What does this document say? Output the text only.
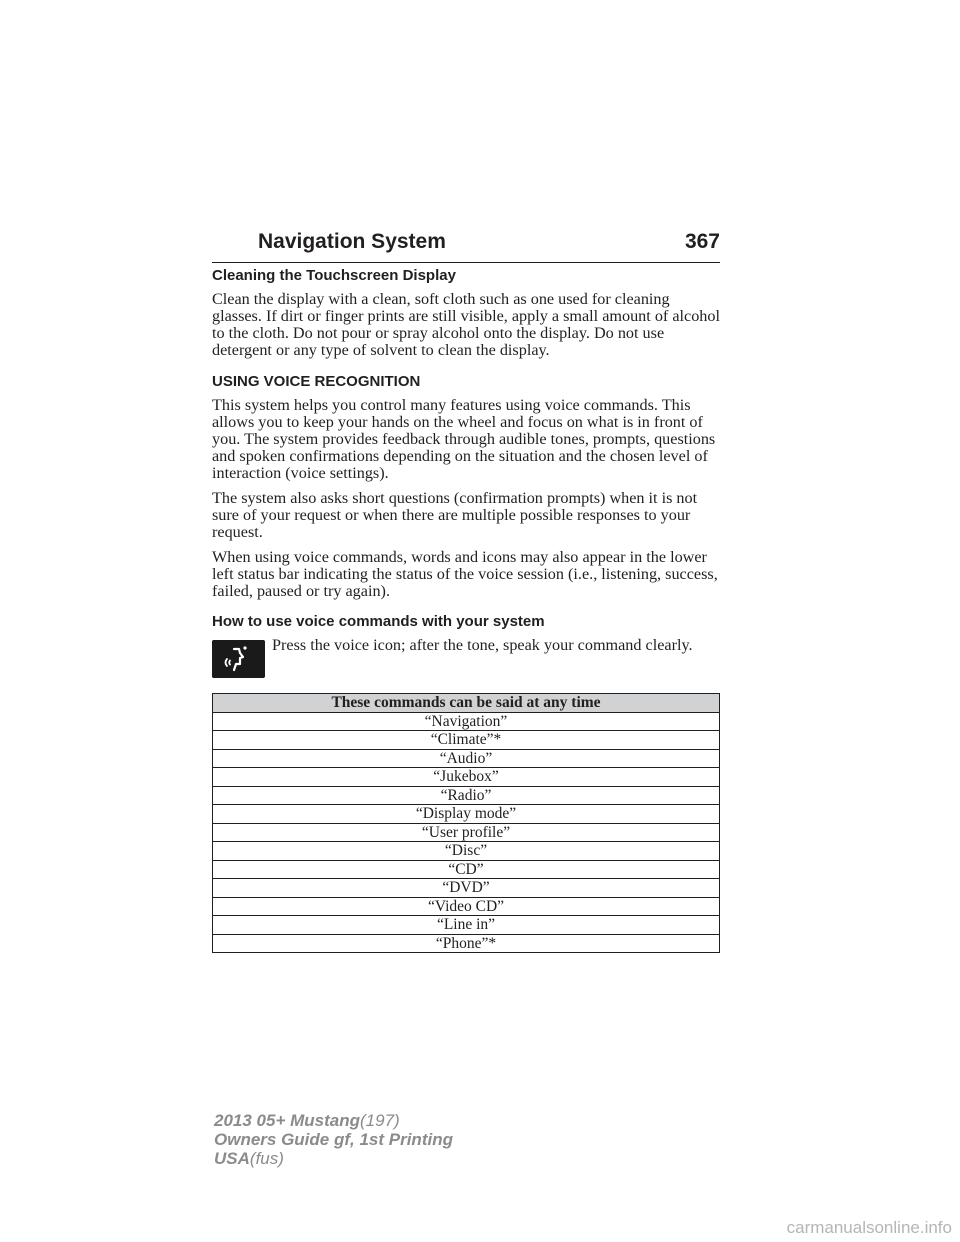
Navigation System	367
Cleaning the Touchscreen Display

Clean the display with a clean, soft cloth such as one used for cleaning glasses. If dirt or finger prints are still visible, apply a small amount of alcohol to the cloth. Do not pour or spray alcohol onto the display. Do not use detergent or any type of solvent to clean the display.

USING VOICE RECOGNITION

This system helps you control many features using voice commands. This allows you to keep your hands on the wheel and focus on what is in front of you. The system provides feedback through audible tones, prompts, questions and spoken confirmations depending on the situation and the chosen level of interaction (voice settings).

The system also asks short questions (confirmation prompts) when it is not sure of your request or when there are multiple possible responses to your request.

When using voice commands, words and icons may also appear in the lower left status bar indicating the status of the voice session (i.e., listening, success, failed, paused or try again).

How to use voice commands with your system

Press the voice icon; after the tone, speak your command clearly.

These commands can be said at any time
“Navigation”
“Climate”*
“Audio”
“Jukebox”
“Radio”
“Display mode”
“User profile”
“Disc”
“CD”
“DVD”
“Video CD”
“Line in”
“Phone”*
2013 05+ Mustang(197)
Owners Guide gf, 1st Printing
USA(fus)
carmanualsonline.info
